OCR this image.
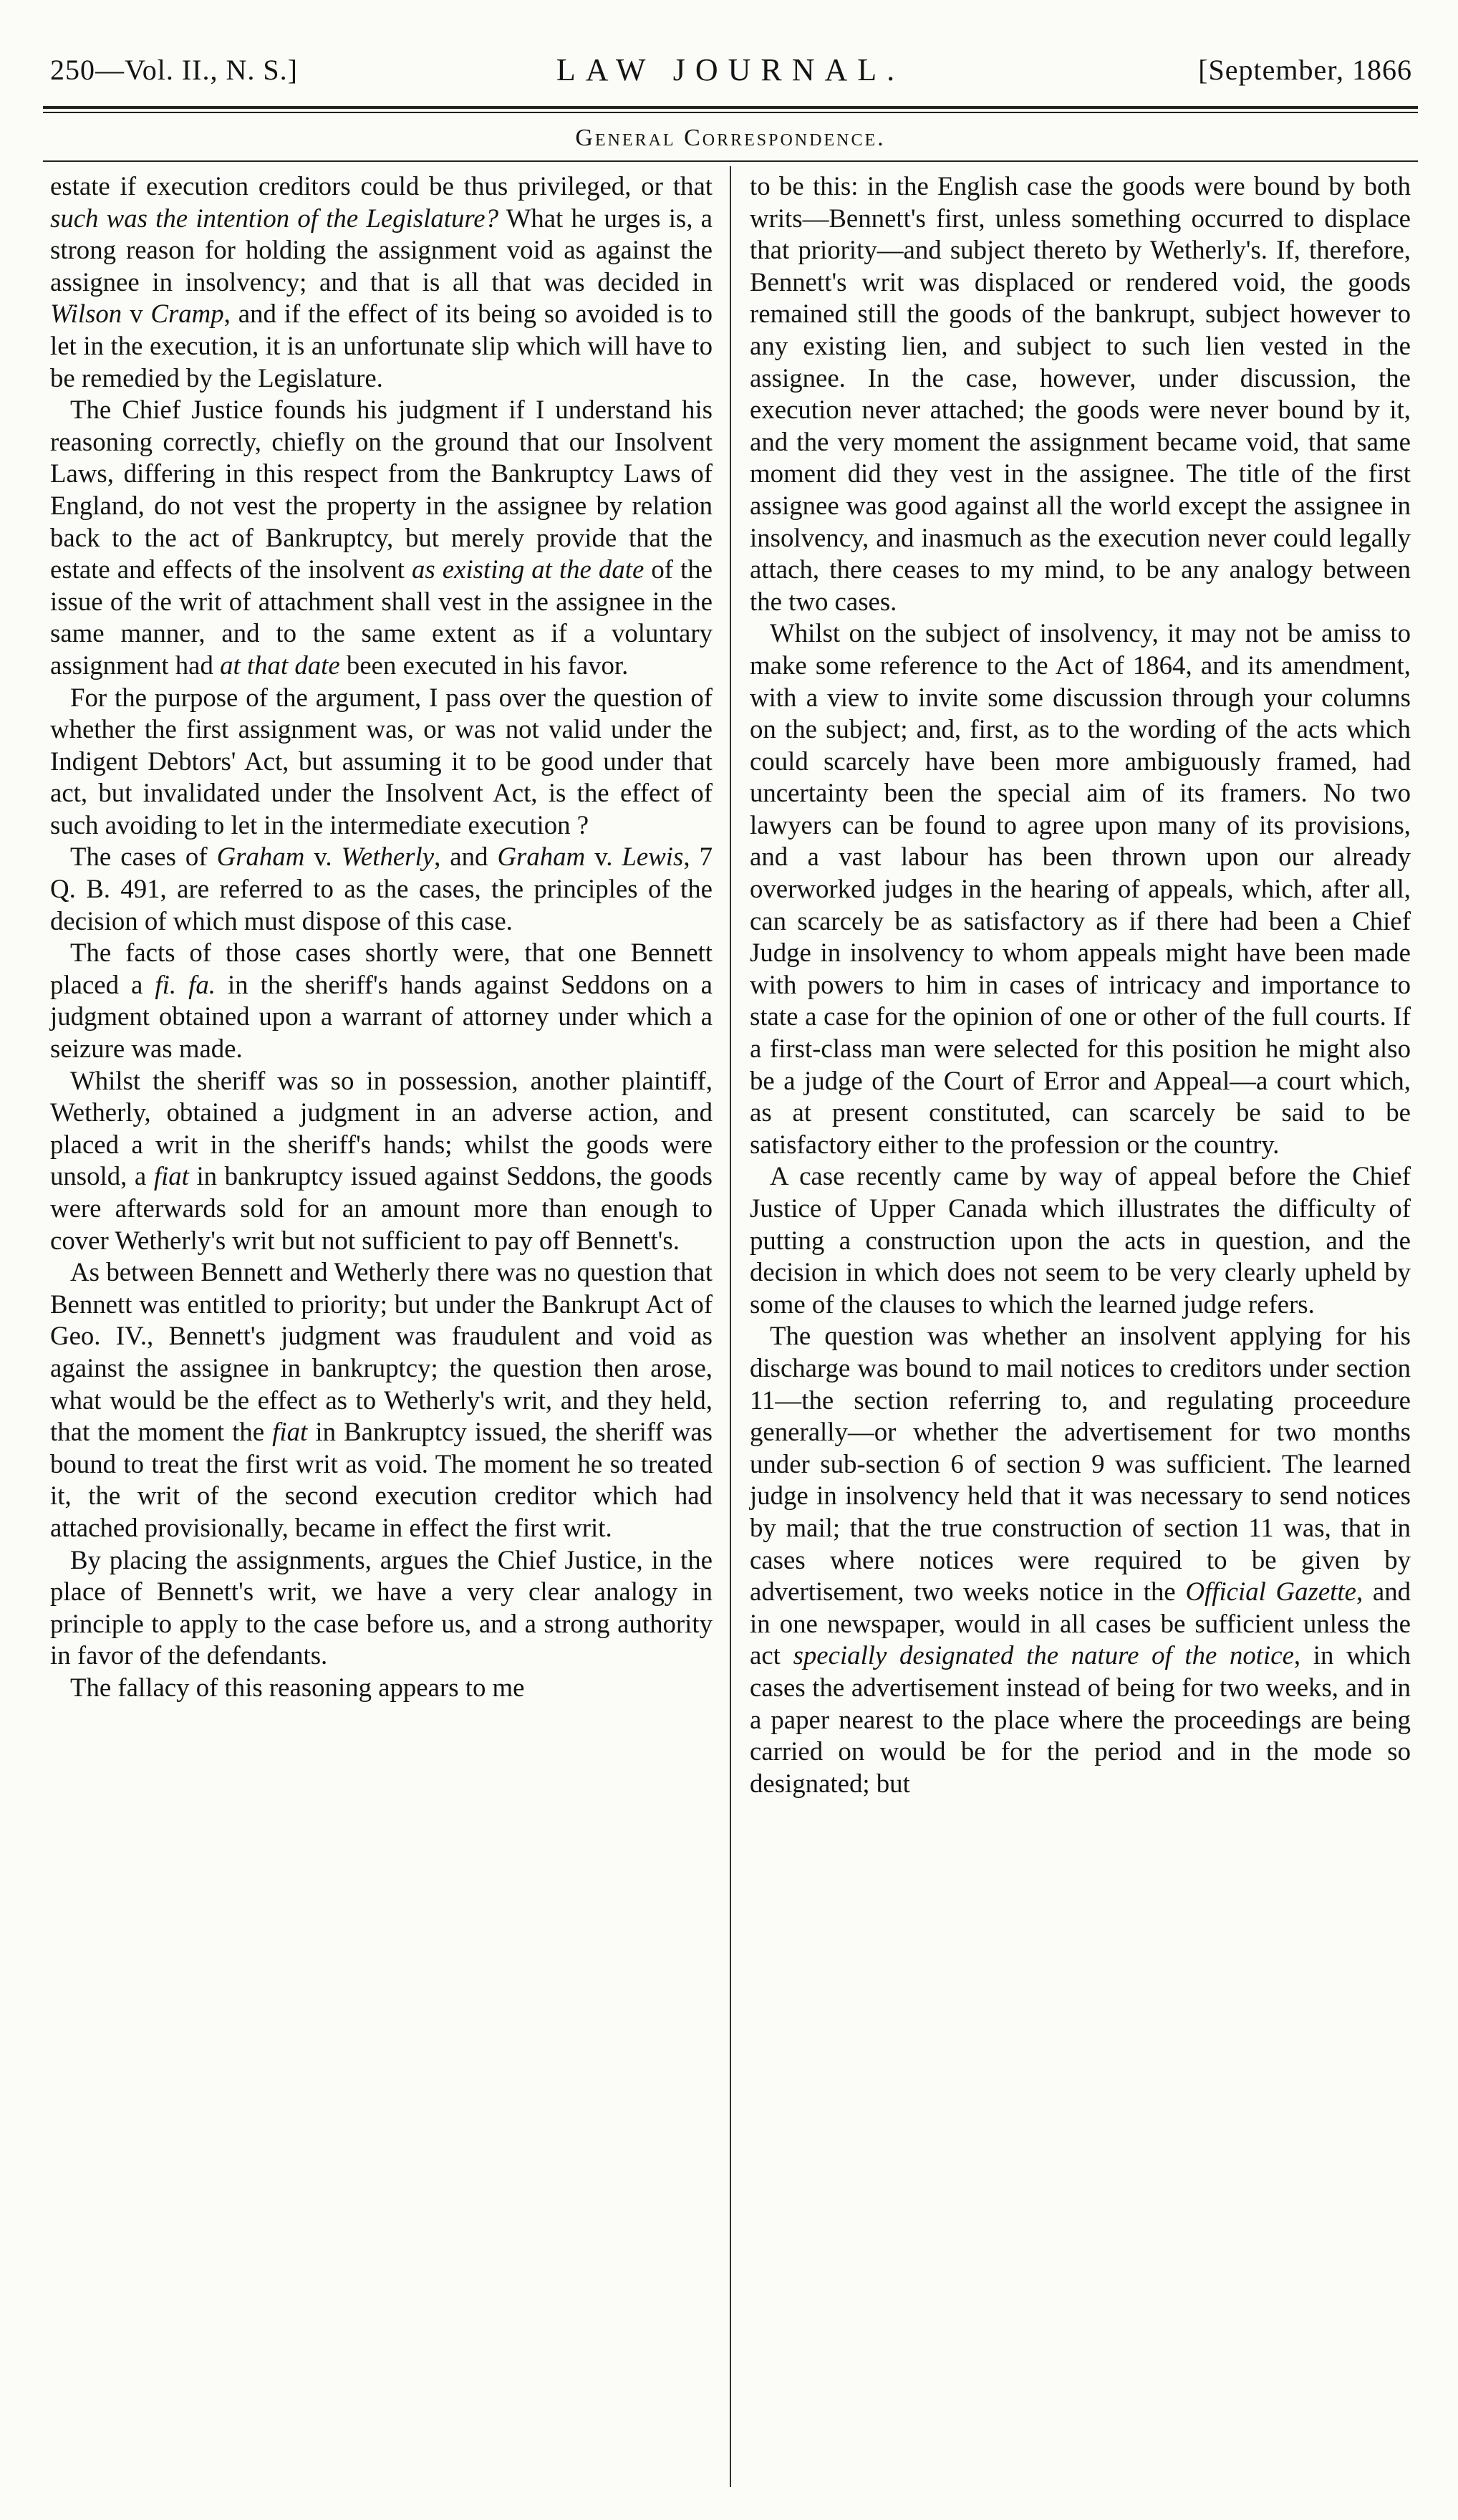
250—Vol. II., N. S.]	LAW JOURNAL.	[September, 1866
General Correspondence.

estate if execution creditors could be thus privileged, or that such was the intention of the Legislature? What he urges is, a strong reason for holding the assignment void as against the assignee in insolvency; and that is all that was decided in Wilson v Cramp, and if the effect of its being so avoided is to let in the execution, it is an unfortunate slip which will have to be remedied by the Legislature.

The Chief Justice founds his judgment if I understand his reasoning correctly, chiefly on the ground that our Insolvent Laws, differing in this respect from the Bankruptcy Laws of England, do not vest the property in the assignee by relation back to the act of Bankruptcy, but merely provide that the estate and effects of the insolvent as existing at the date of the issue of the writ of attachment shall vest in the assignee in the same manner, and to the same extent as if a voluntary assignment had at that date been executed in his favor.

For the purpose of the argument, I pass over the question of whether the first assignment was, or was not valid under the Indigent Debtors' Act, but assuming it to be good under that act, but invalidated under the Insolvent Act, is the effect of such avoiding to let in the intermediate execution ?

The cases of Graham v. Wetherly, and Graham v. Lewis, 7 Q. B. 491, are referred to as the cases, the principles of the decision of which must dispose of this case.

The facts of those cases shortly were, that one Bennett placed a fi. fa. in the sheriff's hands against Seddons on a judgment obtained upon a warrant of attorney under which a seizure was made.

Whilst the sheriff was so in possession, another plaintiff, Wetherly, obtained a judgment in an adverse action, and placed a writ in the sheriff's hands; whilst the goods were unsold, a fiat in bankruptcy issued against Seddons, the goods were afterwards sold for an amount more than enough to cover Wetherly's writ but not sufficient to pay off Bennett's.

As between Bennett and Wetherly there was no question that Bennett was entitled to priority; but under the Bankrupt Act of Geo. IV., Bennett's judgment was fraudulent and void as against the assignee in bankruptcy; the question then arose, what would be the effect as to Wetherly's writ, and they held, that the moment the fiat in Bankruptcy issued, the sheriff was bound to treat the first writ as void. The moment he so treated it, the writ of the second execution creditor which had attached provisionally, became in effect the first writ.

By placing the assignments, argues the Chief Justice, in the place of Bennett's writ, we have a very clear analogy in principle to apply to the case before us, and a strong authority in favor of the defendants.

The fallacy of this reasoning appears to me

to be this: in the English case the goods were bound by both writs—Bennett's first, unless something occurred to displace that priority—and subject thereto by Wetherly's. If, therefore, Bennett's writ was displaced or rendered void, the goods remained still the goods of the bankrupt, subject however to any existing lien, and subject to such lien vested in the assignee. In the case, however, under discussion, the execution never attached; the goods were never bound by it, and the very moment the assignment became void, that same moment did they vest in the assignee. The title of the first assignee was good against all the world except the assignee in insolvency, and inasmuch as the execution never could legally attach, there ceases to my mind, to be any analogy between the two cases.

Whilst on the subject of insolvency, it may not be amiss to make some reference to the Act of 1864, and its amendment, with a view to invite some discussion through your columns on the subject; and, first, as to the wording of the acts which could scarcely have been more ambiguously framed, had uncertainty been the special aim of its framers. No two lawyers can be found to agree upon many of its provisions, and a vast labour has been thrown upon our already overworked judges in the hearing of appeals, which, after all, can scarcely be as satisfactory as if there had been a Chief Judge in insolvency to whom appeals might have been made with powers to him in cases of intricacy and importance to state a case for the opinion of one or other of the full courts. If a first-class man were selected for this position he might also be a judge of the Court of Error and Appeal—a court which, as at present constituted, can scarcely be said to be satisfactory either to the profession or the country.

A case recently came by way of appeal before the Chief Justice of Upper Canada which illustrates the difficulty of putting a construction upon the acts in question, and the decision in which does not seem to be very clearly upheld by some of the clauses to which the learned judge refers.

The question was whether an insolvent applying for his discharge was bound to mail notices to creditors under section 11—the section referring to, and regulating proceedure generally—or whether the advertisement for two months under sub-section 6 of section 9 was sufficient. The learned judge in insolvency held that it was necessary to send notices by mail; that the true construction of section 11 was, that in cases where notices were required to be given by advertisement, two weeks notice in the Official Gazette, and in one newspaper, would in all cases be sufficient unless the act specially designated the nature of the notice, in which cases the advertisement instead of being for two weeks, and in a paper nearest to the place where the proceedings are being carried on would be for the period and in the mode so designated; but
